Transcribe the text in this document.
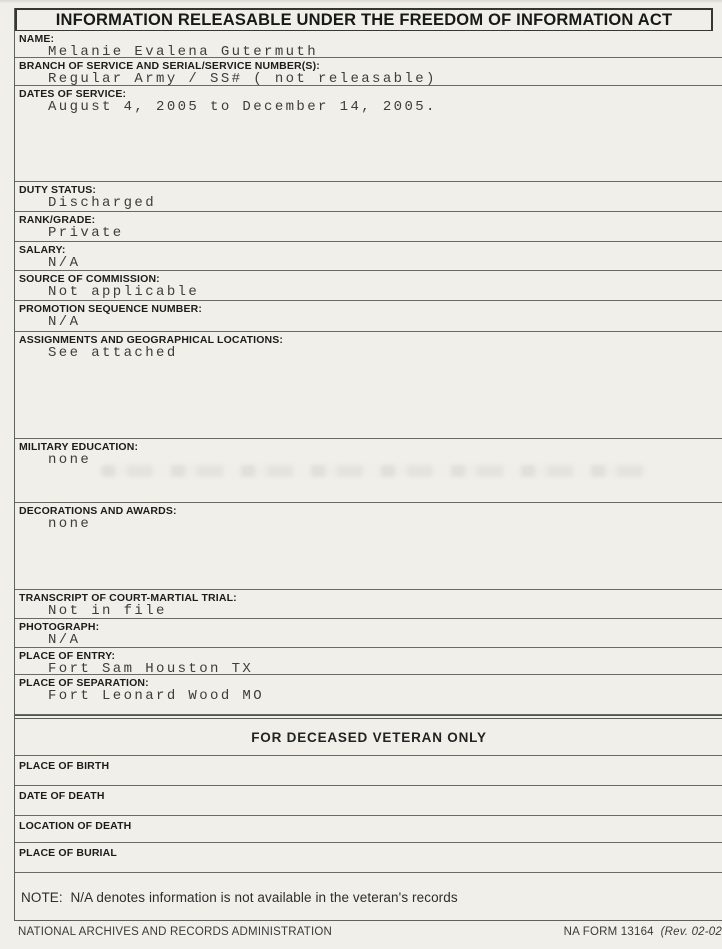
INFORMATION RELEASABLE UNDER THE FREEDOM OF INFORMATION ACT
NAME:
Melanie Evalena Gutermuth
BRANCH OF SERVICE AND SERIAL/SERVICE NUMBER(S):
Regular Army / SS# ( not releasable)
DATES OF SERVICE:
August 4, 2005 to December 14, 2005.
DUTY STATUS:
Discharged
RANK/GRADE:
Private
SALARY:
N/A
SOURCE OF COMMISSION:
Not applicable
PROMOTION SEQUENCE NUMBER:
N/A
ASSIGNMENTS AND GEOGRAPHICAL LOCATIONS:
See attached
MILITARY EDUCATION:
none
DECORATIONS AND AWARDS:
none
TRANSCRIPT OF COURT-MARTIAL TRIAL:
Not in file
PHOTOGRAPH:
N/A
PLACE OF ENTRY:
Fort Sam Houston TX
PLACE OF SEPARATION:
Fort Leonard Wood MO
FOR DECEASED VETERAN ONLY
PLACE OF BIRTH
DATE OF DEATH
LOCATION OF DEATH
PLACE OF BURIAL
NOTE:  N/A denotes information is not available in the veteran's records
NATIONAL ARCHIVES AND RECORDS ADMINISTRATION	NA FORM 13164 (Rev. 02-02
